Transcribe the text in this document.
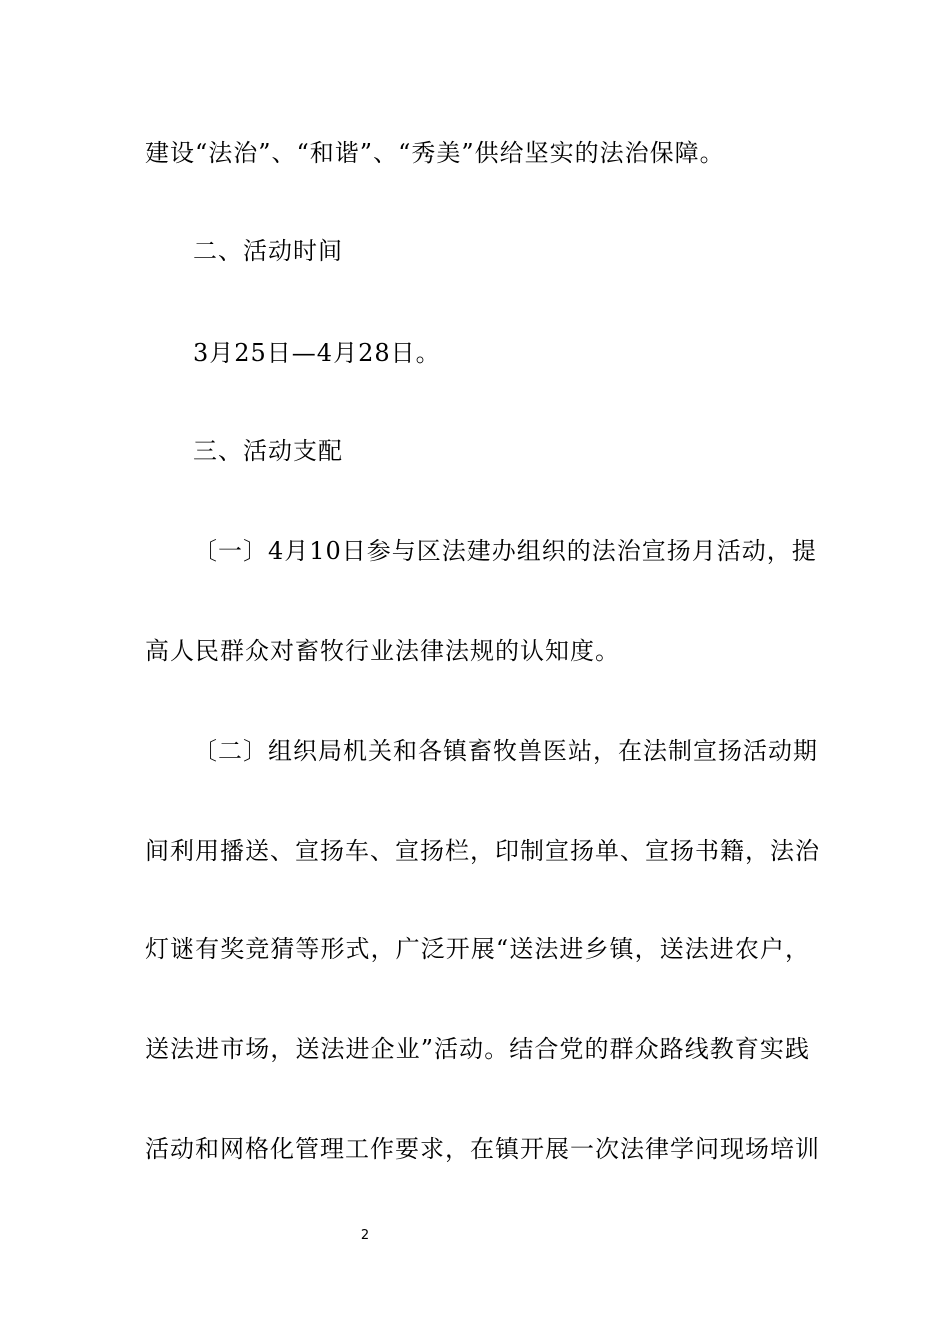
建设“法治”、“和谐”、“秀美”供给坚实的法治保障。
二、活动时间
3月25日—4月28日。
三、活动支配
〔一〕4月10日参与区法建办组织的法治宣扬月活动，提
高人民群众对畜牧行业法律法规的认知度。
〔二〕组织局机关和各镇畜牧兽医站，在法制宣扬活动期
间利用播送、宣扬车、宣扬栏，印制宣扬单、宣扬书籍，法治
灯谜有奖竞猜等形式，广泛开展“送法进乡镇，送法进农户，
送法进市场，送法进企业”活动。结合党的群众路线教育实践
活动和网格化管理工作要求，在镇开展一次法律学问现场培训
2
